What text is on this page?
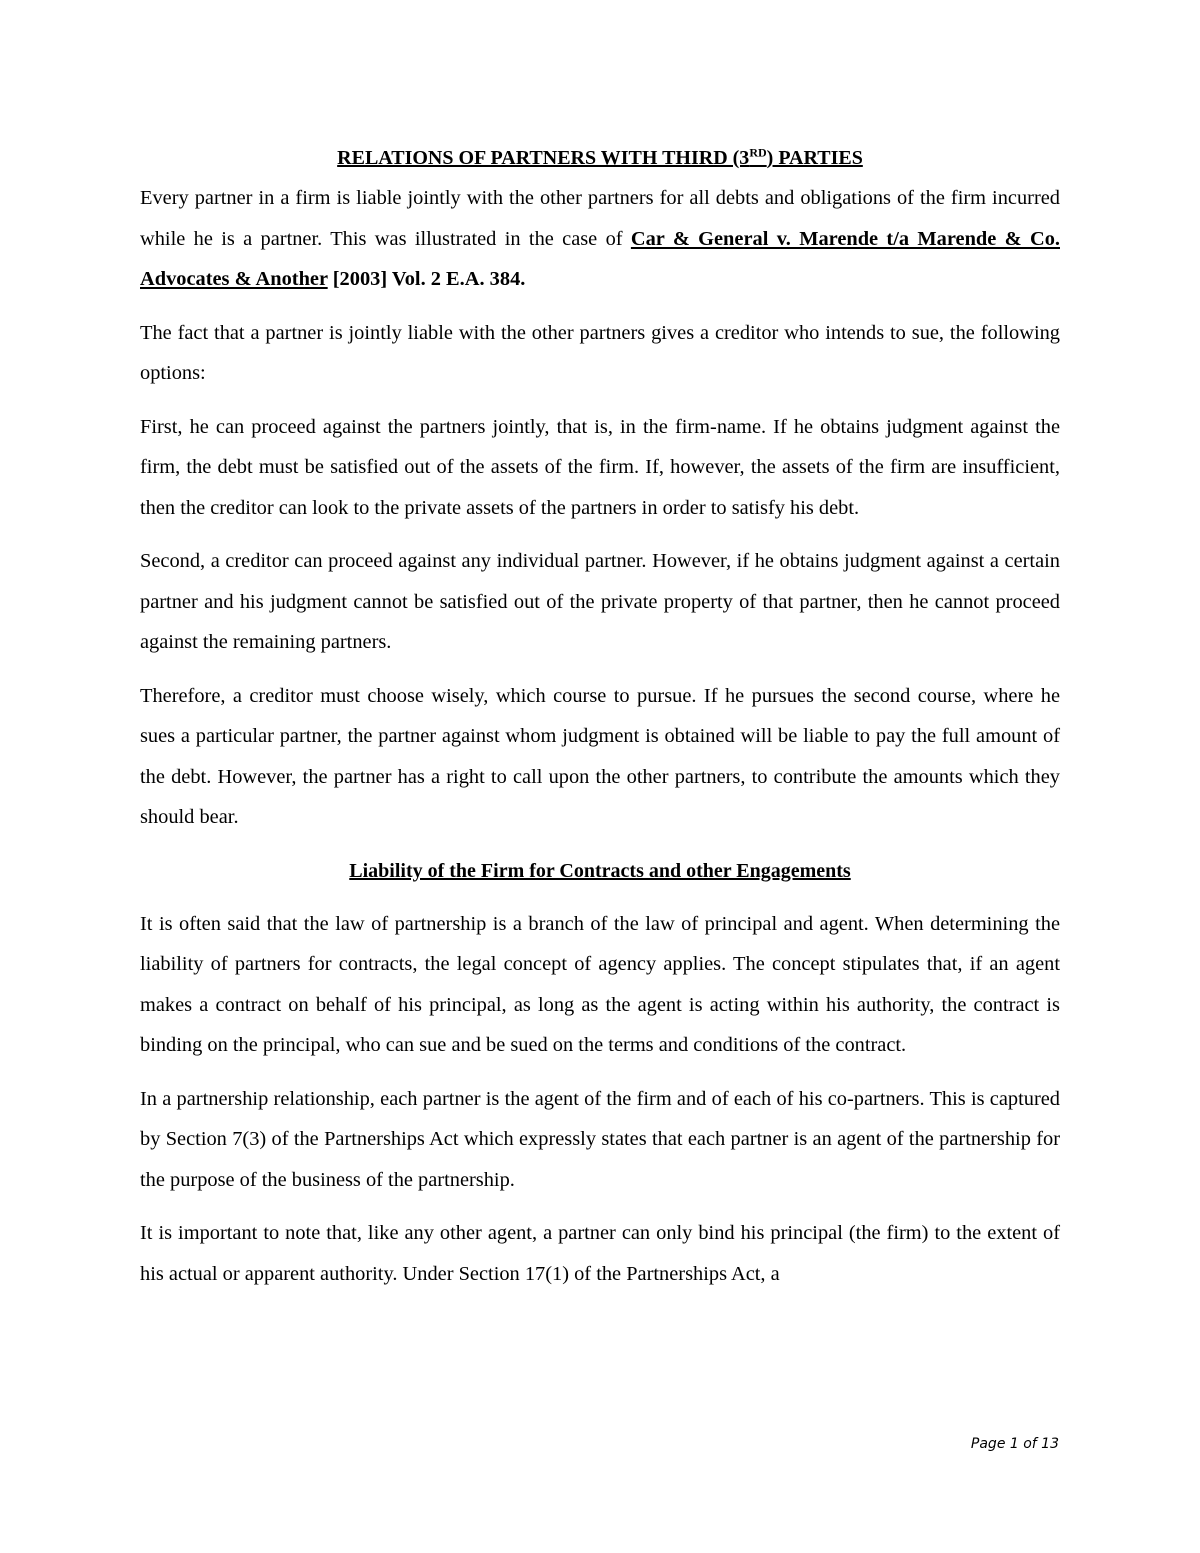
RELATIONS OF PARTNERS WITH THIRD (3RD) PARTIES

Every partner in a firm is liable jointly with the other partners for all debts and obligations of the firm incurred while he is a partner. This was illustrated in the case of Car & General v. Marende t/a Marende & Co. Advocates & Another [2003] Vol. 2 E.A. 384.

The fact that a partner is jointly liable with the other partners gives a creditor who intends to sue, the following options:

First, he can proceed against the partners jointly, that is, in the firm-name. If he obtains judgment against the firm, the debt must be satisfied out of the assets of the firm. If, however, the assets of the firm are insufficient, then the creditor can look to the private assets of the partners in order to satisfy his debt.

Second, a creditor can proceed against any individual partner. However, if he obtains judgment against a certain partner and his judgment cannot be satisfied out of the private property of that partner, then he cannot proceed against the remaining partners.

Therefore, a creditor must choose wisely, which course to pursue. If he pursues the second course, where he sues a particular partner, the partner against whom judgment is obtained will be liable to pay the full amount of the debt. However, the partner has a right to call upon the other partners, to contribute the amounts which they should bear.

Liability of the Firm for Contracts and other Engagements

It is often said that the law of partnership is a branch of the law of principal and agent. When determining the liability of partners for contracts, the legal concept of agency applies. The concept stipulates that, if an agent makes a contract on behalf of his principal, as long as the agent is acting within his authority, the contract is binding on the principal, who can sue and be sued on the terms and conditions of the contract.

In a partnership relationship, each partner is the agent of the firm and of each of his co-partners. This is captured by Section 7(3) of the Partnerships Act which expressly states that each partner is an agent of the partnership for the purpose of the business of the partnership.

It is important to note that, like any other agent, a partner can only bind his principal (the firm) to the extent of his actual or apparent authority. Under Section 17(1) of the Partnerships Act, a

Page 1 of 13
